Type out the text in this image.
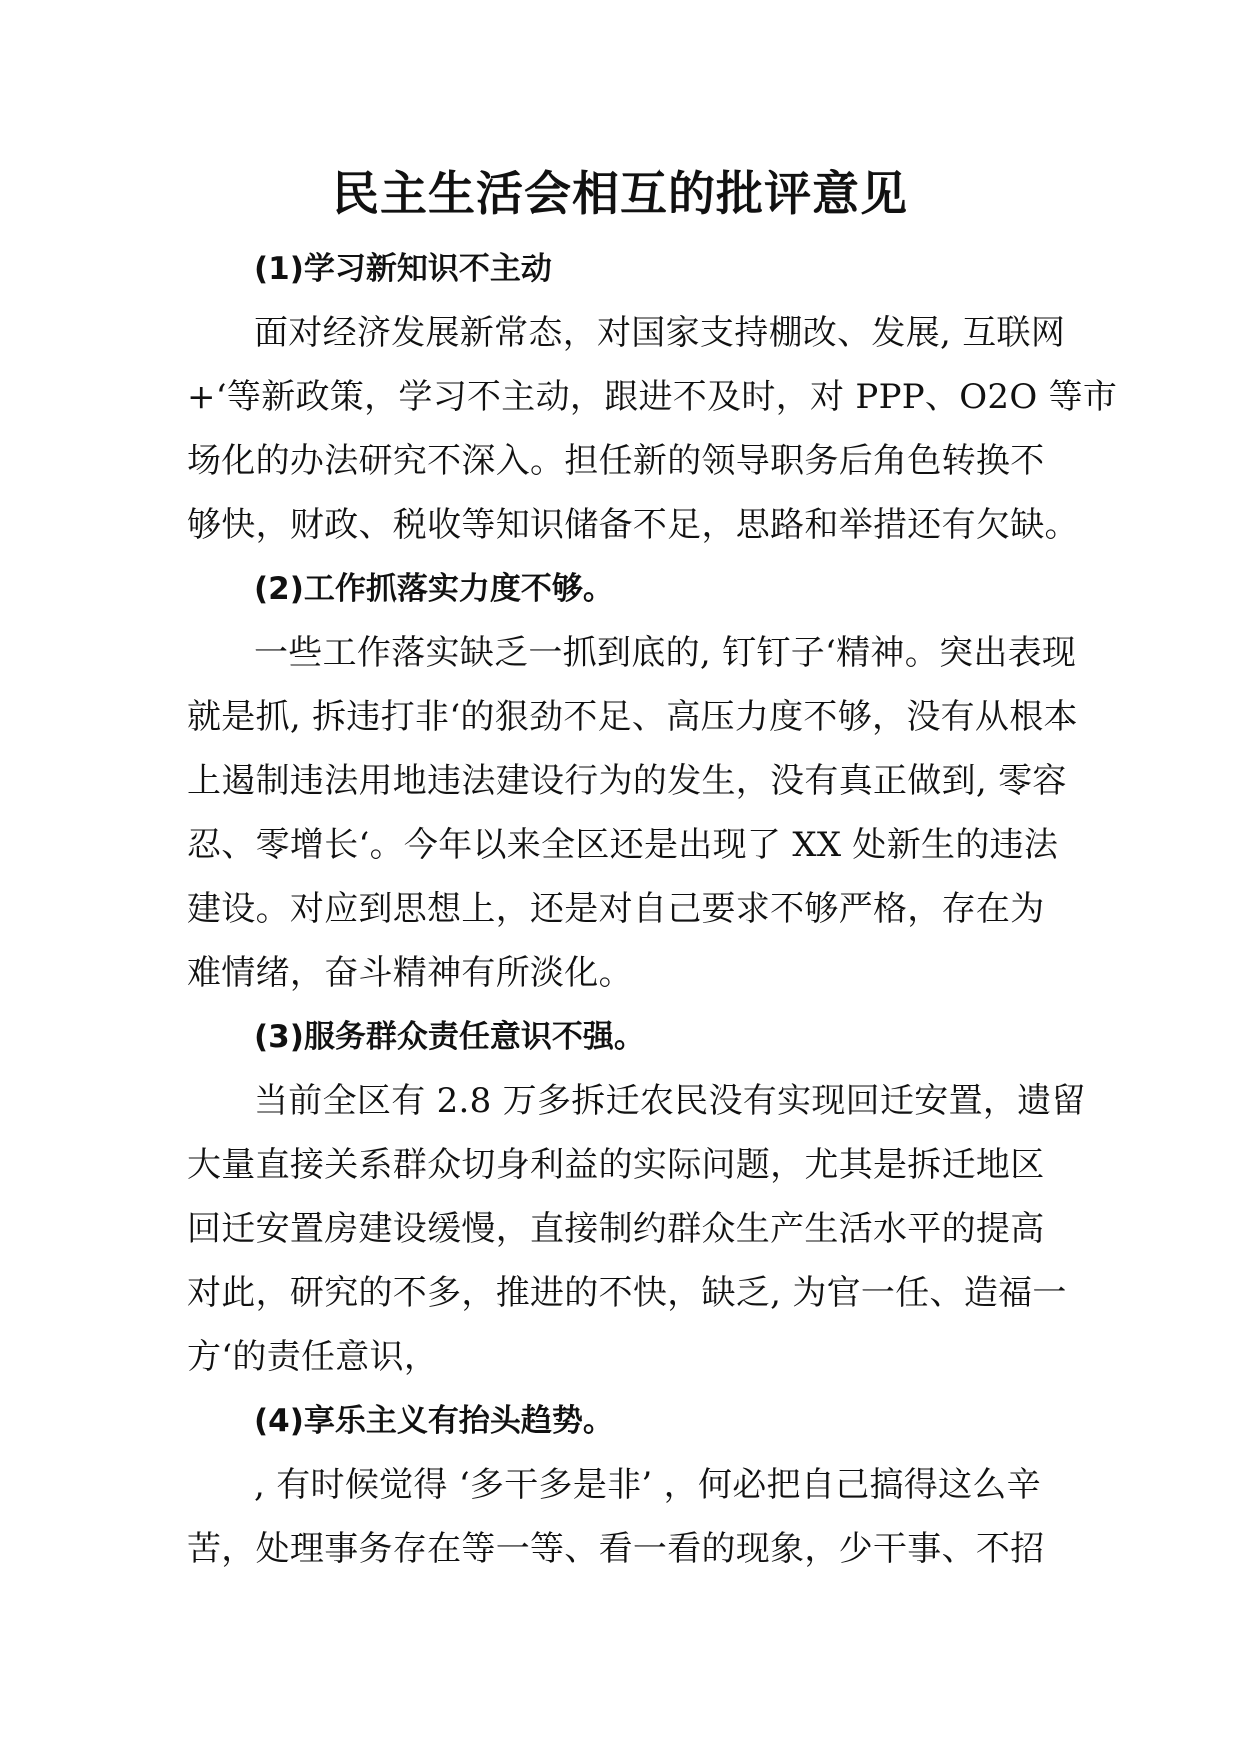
民主生活会相互的批评意见
(1)学习新知识不主动
面对经济发展新常态，对国家支持棚改、发展, 互联网
+‘等新政策，学习不主动，跟进不及时，对 PPP、O2O 等市
场化的办法研究不深入。担任新的领导职务后角色转换不
够快，财政、税收等知识储备不足，思路和举措还有欠缺。
(2)工作抓落实力度不够。
一些工作落实缺乏一抓到底的, 钉钉子‘精神。突出表现
就是抓, 拆违打非‘的狠劲不足、高压力度不够，没有从根本
上遏制违法用地违法建设行为的发生，没有真正做到, 零容
忍、零增长‘。今年以来全区还是出现了 XX 处新生的违法
建设。对应到思想上，还是对自己要求不够严格，存在为
难情绪，奋斗精神有所淡化。
(3)服务群众责任意识不强。
当前全区有 2.8 万多拆迁农民没有实现回迁安置，遗留
大量直接关系群众切身利益的实际问题，尤其是拆迁地区
回迁安置房建设缓慢，直接制约群众生产生活水平的提高
对此，研究的不多，推进的不快，缺乏, 为官一任、造福一
方‘的责任意识，
(4)享乐主义有抬头趋势。
, 有时候觉得 ‘多干多是非’ ，何必把自己搞得这么辛
苦，处理事务存在等一等、看一看的现象，少干事、不招
